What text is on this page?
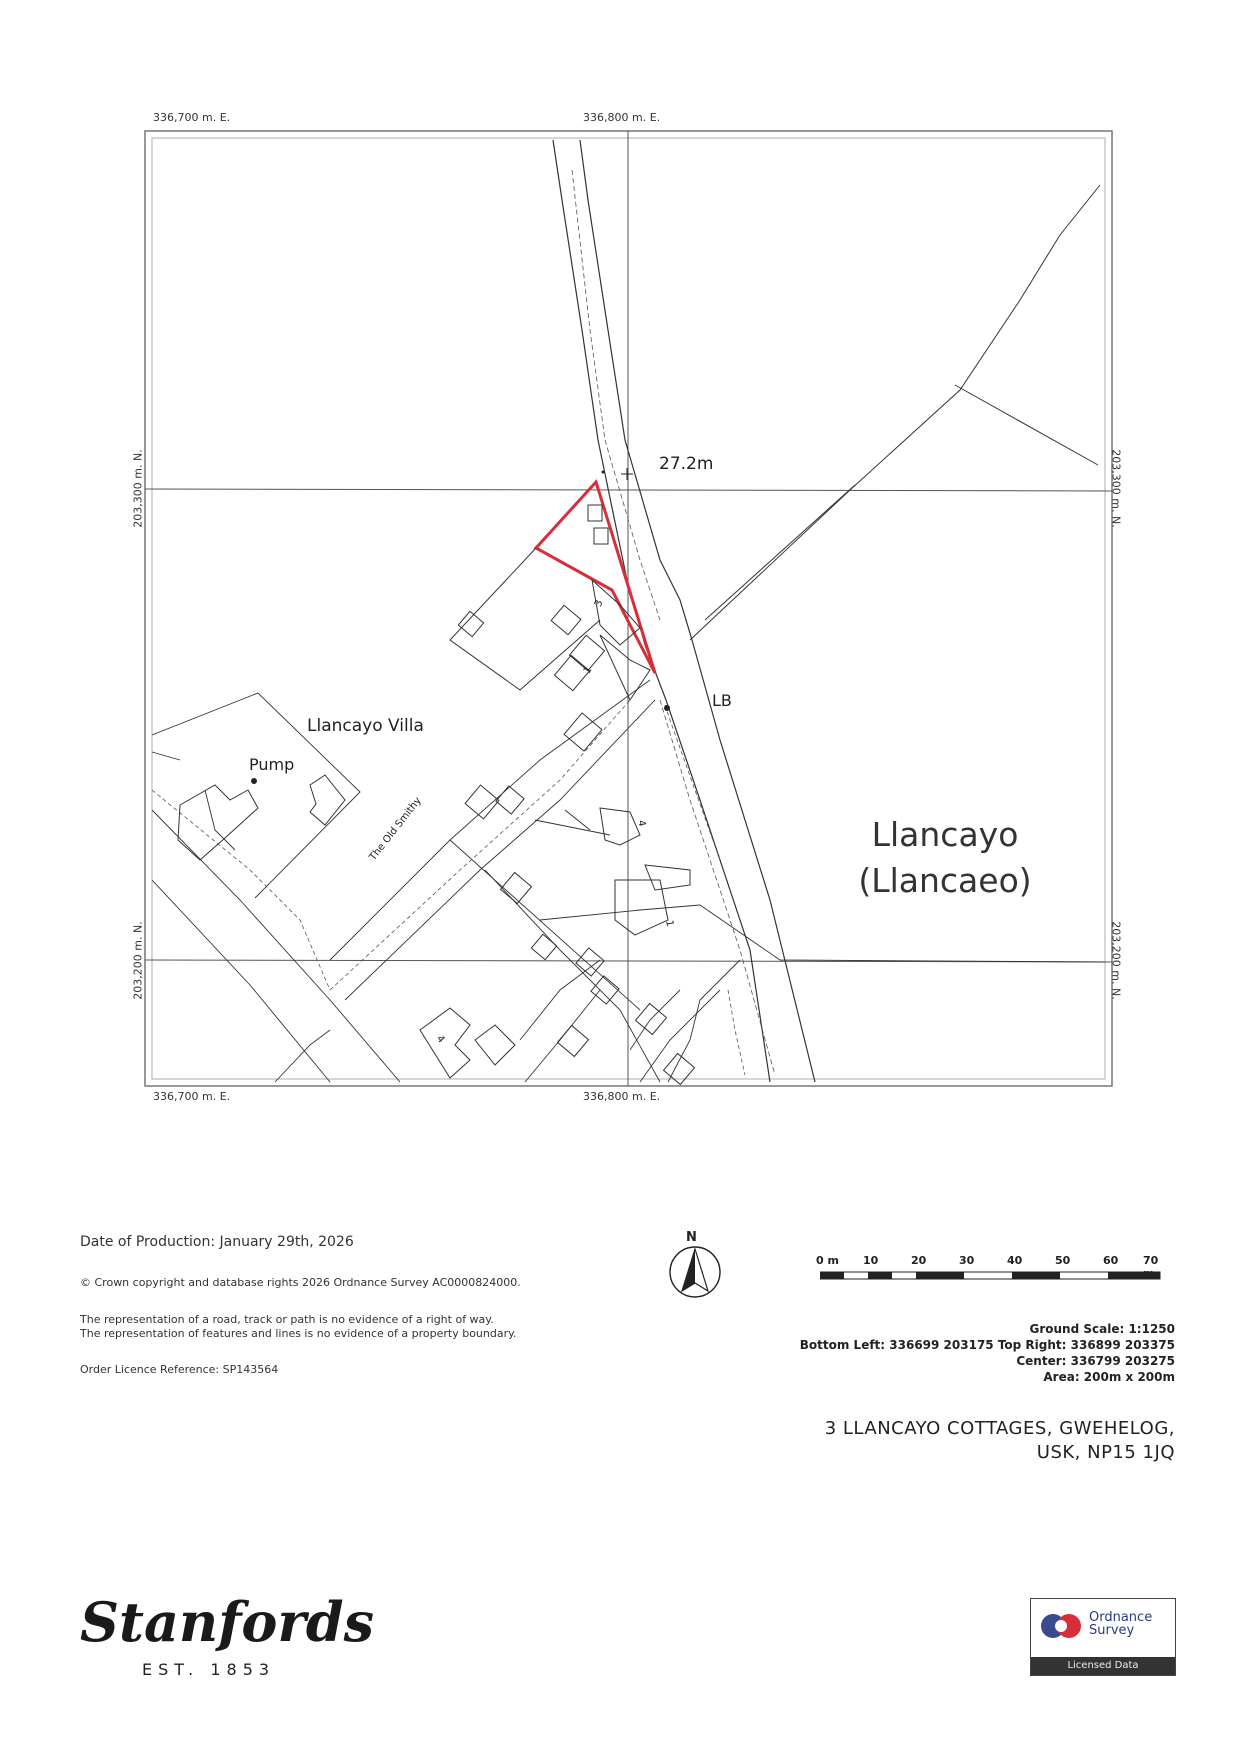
336,700 m. E.	336,800 m. E.
336,700 m. E.	336,800 m. E.
203,300 m. N.
203,200 m. N.
203,300 m. N.
203,200 m. N.
27.2m
LB
Llancayo Villa
Pump
The Old Smithy	Llancayo
(Llancaeo)
3
1
4
1
4
Date of Production: January 29th, 2026
© Crown copyright and database rights 2026 Ordnance Survey AC0000824000.
The representation of a road, track or path is no evidence of a right of way.
The representation of features and lines is no evidence of a property boundary.
Order Licence Reference: SP143564
N
0 m 10	20	30	40	50	60 70
Ground Scale: 1:1250
Bottom Left: 336699 203175 Top Right: 336899 203375
Center: 336799 203275
Area: 200m x 200m
3 LLANCAYO COTTAGES, GWEHELOG,
USK, NP15 1JQ
Stanfords
EST. 1853
Ordnance
Survey
Licensed Data
